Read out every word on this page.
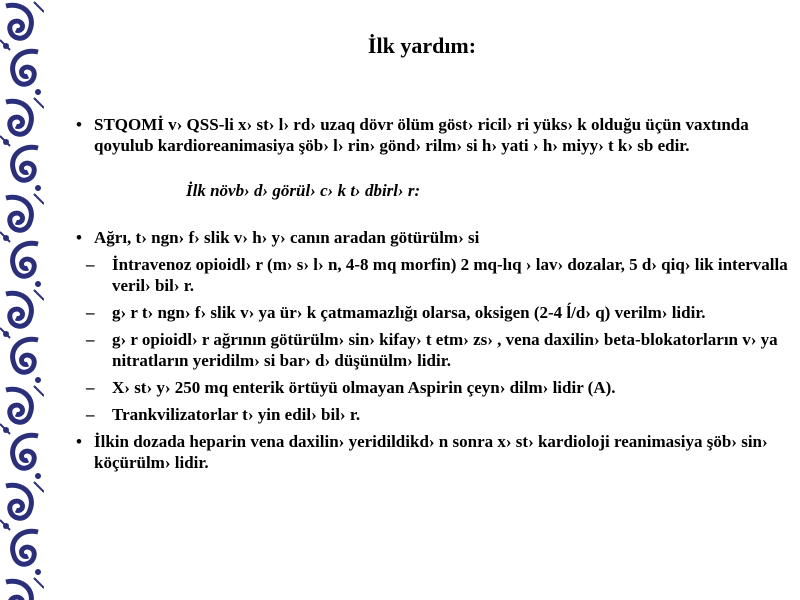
İlk yardım:
• STQOMİ v› QSS-li x› st› l› rd› uzaq dövr ölüm göst› ricil› ri yüks› k olduğu üçün vaxtında qoyulub kardioreanimasiya şöb› l› rin› gönd› rilm› si h› yati › h› miyy› t k› sb edir.
İlk növb› d› görül› c› k t› dbirl› r:
• Ağrı, t› ngn› f› slik v› h› y› canın aradan götürülm› si
– İntravenoz opioidl› r (m› s› l› n, 4-8 mq morfin) 2 mq-lıq › lav› dozalar, 5 d› qiq› lik intervalla veril› bil› r.
– g› r t› ngn› f› slik v› ya ür› k çatmamazlığı olarsa, oksigen (2-4 ĺ/d› q) verilm› lidir.
– g› r opioidl› r ağrının götürülm› sin› kifay› t etm› zs› , vena daxilin› beta-blokatorların v› ya nitratların yeridilm› si bar› d› düşünülm› lidir.
– X› st› y› 250 mq enterik örtüyü olmayan Aspirin çeyn› dilm› lidir (A).
– Trankvilizatorlar t› yin edil› bil› r.
• İlkin dozada heparin vena daxilin› yeridildikd› n sonra x› st› kardioloji reanimasiya şöb› sin› köçürülm› lidir.
